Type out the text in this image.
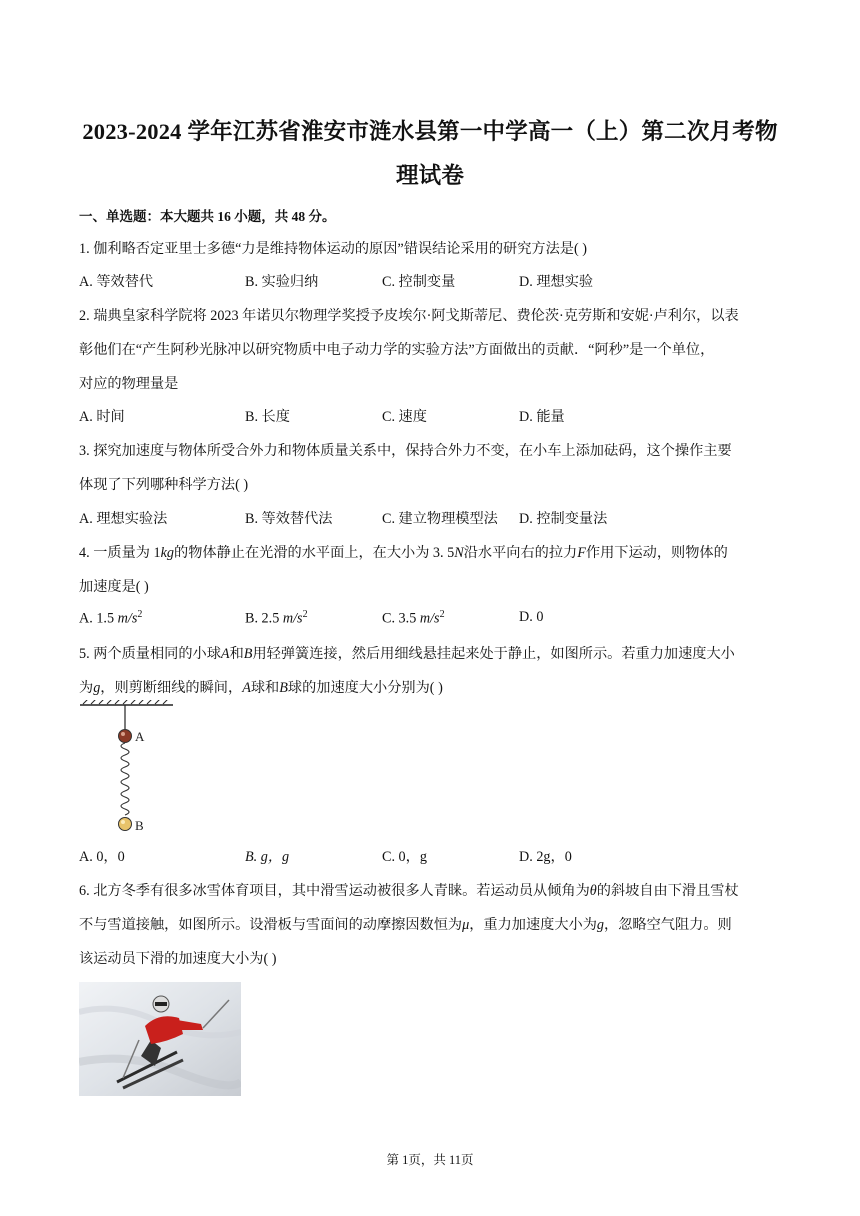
2023-2024 学年江苏省淮安市涟水县第一中学高一（上）第二次月考物
理试卷
一、单选题：本大题共 16 小题，共 48 分。
1. 伽利略否定亚里士多德“力是维持物体运动的原因”错误结论采用的研究方法是( )
A. 等效替代	B. 实验归纳	C. 控制变量	D. 理想实验
2. 瑞典皇家科学院将 2023 年诺贝尔物理学奖授予皮埃尔·阿戈斯蒂尼、费伦茨·克劳斯和安妮·卢利尔，以表
彰他们在“产生阿秒光脉冲以研究物质中电子动力学的实验方法”方面做出的贡献．“阿秒”是一个单位，
对应的物理量是
A. 时间	B. 长度	C. 速度	D. 能量
3. 探究加速度与物体所受合外力和物体质量关系中，保持合外力不变，在小车上添加砝码，这个操作主要
体现了下列哪种科学方法( )
A. 理想实验法	B. 等效替代法	C. 建立物理模型法 D. 控制变量法
4. 一质量为 1kg的物体静止在光滑的水平面上，在大小为 3. 5N沿水平向右的拉力F作用下运动，则物体的
加速度是( )
A. 1.5 $m/s^2$	B. 2.5 $m/s^2$	C. 3.5 $m/s^2$	D. 0
5. 两个质量相同的小球A和B用轻弹簧连接，然后用细线悬挂起来处于静止，如图所示。若重力加速度大小
为g，则剪断细线的瞬间，A球和B球的加速度大小分别为( )
A
B
A. 0，0	B. g，g	C. 0，g	D. 2g，0
6. 北方冬季有很多冰雪体育项目，其中滑雪运动被很多人青睐。若运动员从倾角为θ的斜坡自由下滑且雪杖
不与雪道接触，如图所示。设滑板与雪面间的动摩擦因数恒为μ，重力加速度大小为g，忽略空气阻力。则
该运动员下滑的加速度大小为( )
第 1页，共 11页
